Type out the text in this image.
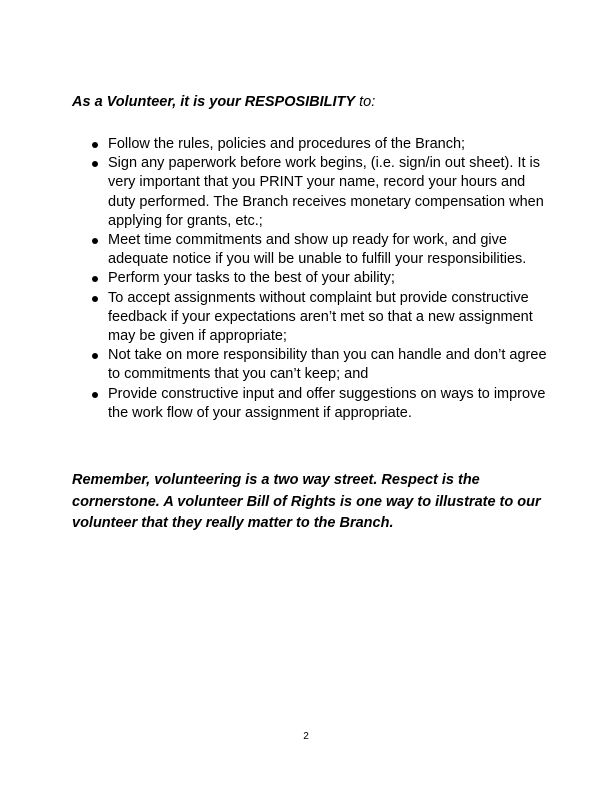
As a Volunteer, it is your RESPOSIBILITY to:

Follow the rules, policies and procedures of the Branch;
Sign any paperwork before work begins, (i.e. sign/in out sheet). It is very important that you PRINT your name, record your hours and duty performed. The Branch receives monetary compensation when applying for grants, etc.;
Meet time commitments and show up ready for work, and give adequate notice if you will be unable to fulfill your responsibilities.
Perform your tasks to the best of your ability;
To accept assignments without complaint but provide constructive feedback if your expectations aren’t met so that a new assignment may be given if appropriate;
Not take on more responsibility than you can handle and don’t agree to commitments that you can’t keep; and
Provide constructive input and offer suggestions on ways to improve the work flow of your assignment if appropriate.

Remember, volunteering is a two way street. Respect is the cornerstone. A volunteer Bill of Rights is one way to illustrate to our volunteer that they really matter to the Branch.

2
